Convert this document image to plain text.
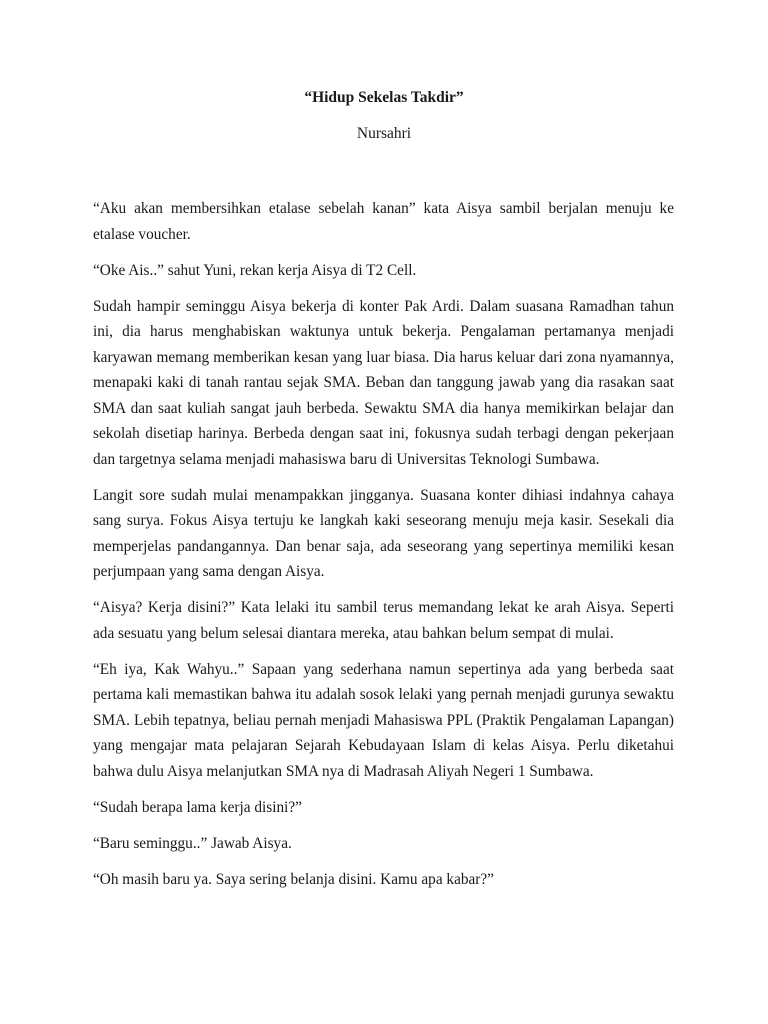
“Hidup Sekelas Takdir”
Nursahri

“Aku akan membersihkan etalase sebelah kanan” kata Aisya sambil berjalan menuju ke etalase voucher.

“Oke Ais..” sahut Yuni, rekan kerja Aisya di T2 Cell.

Sudah hampir seminggu Aisya bekerja di konter Pak Ardi. Dalam suasana Ramadhan tahun ini, dia harus menghabiskan waktunya untuk bekerja. Pengalaman pertamanya menjadi karyawan memang memberikan kesan yang luar biasa. Dia harus keluar dari zona nyamannya, menapaki kaki di tanah rantau sejak SMA. Beban dan tanggung jawab yang dia rasakan saat SMA dan saat kuliah sangat jauh berbeda. Sewaktu SMA dia hanya memikirkan belajar dan sekolah disetiap harinya. Berbeda dengan saat ini, fokusnya sudah terbagi dengan pekerjaan dan targetnya selama menjadi mahasiswa baru di Universitas Teknologi Sumbawa.

Langit sore sudah mulai menampakkan jingganya. Suasana konter dihiasi indahnya cahaya sang surya. Fokus Aisya tertuju ke langkah kaki seseorang menuju meja kasir. Sesekali dia memperjelas pandangannya. Dan benar saja, ada seseorang yang sepertinya memiliki kesan perjumpaan yang sama dengan Aisya.

“Aisya? Kerja disini?” Kata lelaki itu sambil terus memandang lekat ke arah Aisya. Seperti ada sesuatu yang belum selesai diantara mereka, atau bahkan belum sempat di mulai.

“Eh iya, Kak Wahyu..” Sapaan yang sederhana namun sepertinya ada yang berbeda saat pertama kali memastikan bahwa itu adalah sosok lelaki yang pernah menjadi gurunya sewaktu SMA. Lebih tepatnya, beliau pernah menjadi Mahasiswa PPL (Praktik Pengalaman Lapangan) yang mengajar mata pelajaran Sejarah Kebudayaan Islam di kelas Aisya. Perlu diketahui bahwa dulu Aisya melanjutkan SMA nya di Madrasah Aliyah Negeri 1 Sumbawa.

“Sudah berapa lama kerja disini?”

“Baru seminggu..” Jawab Aisya.

“Oh masih baru ya. Saya sering belanja disini. Kamu apa kabar?”
